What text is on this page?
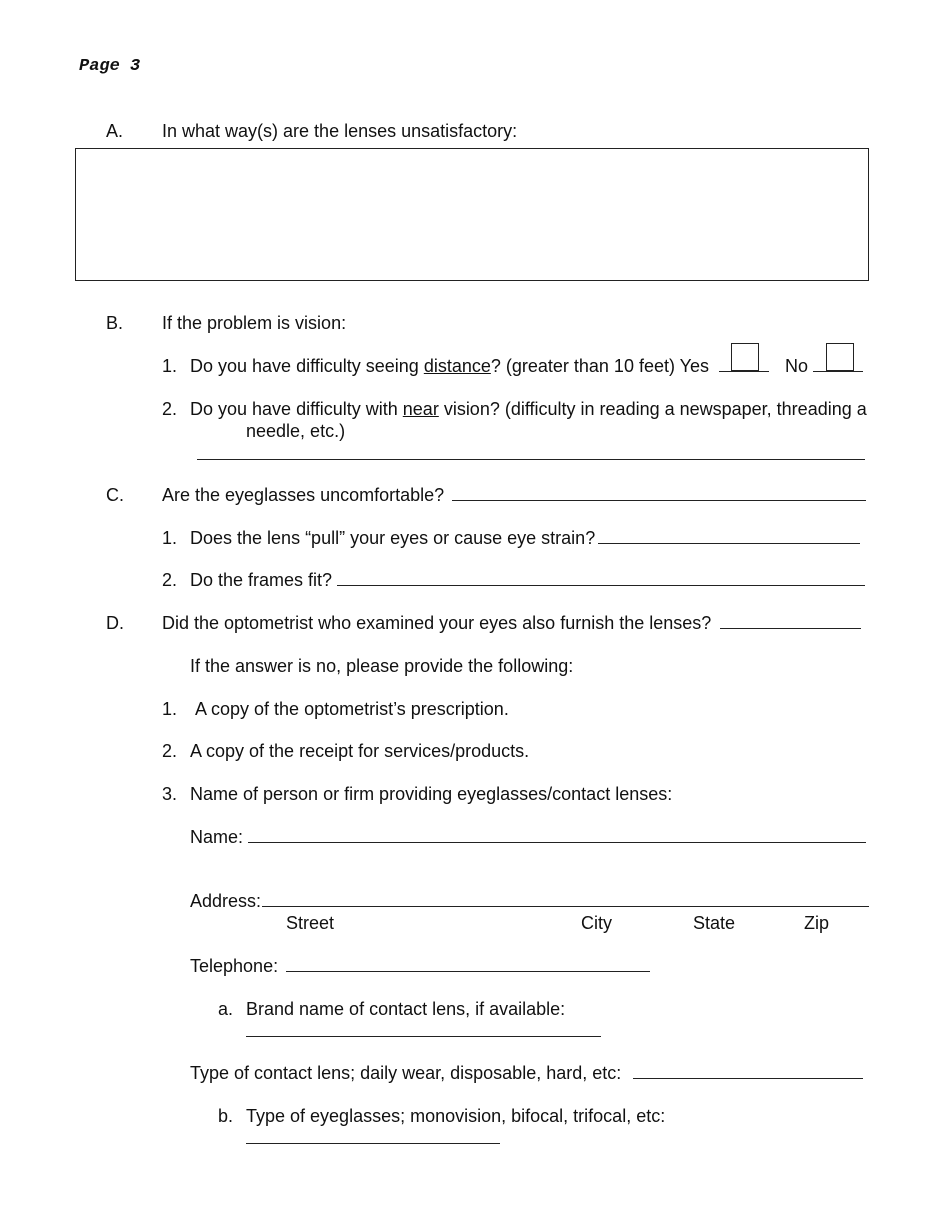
Page 3
A. In what way(s) are the lenses unsatisfactory:
B. If the problem is vision:
1. Do you have difficulty seeing distance? (greater than 10 feet) Yes	No
2. Do you have difficulty with near vision? (difficulty in reading a newspaper, threading a
needle, etc.)
C. Are the eyeglasses uncomfortable?
1. Does the lens “pull” your eyes or cause eye strain?
2. Do the frames fit?
D. Did the optometrist who examined your eyes also furnish the lenses?
If the answer is no, please provide the following:
1. A copy of the optometrist’s prescription.
2. A copy of the receipt for services/products.
3. Name of person or firm providing eyeglasses/contact lenses:
Name:
Address:
Street	City	State	Zip
Telephone:
a. Brand name of contact lens, if available:
Type of contact lens; daily wear, disposable, hard, etc:
b. Type of eyeglasses; monovision, bifocal, trifocal, etc:
